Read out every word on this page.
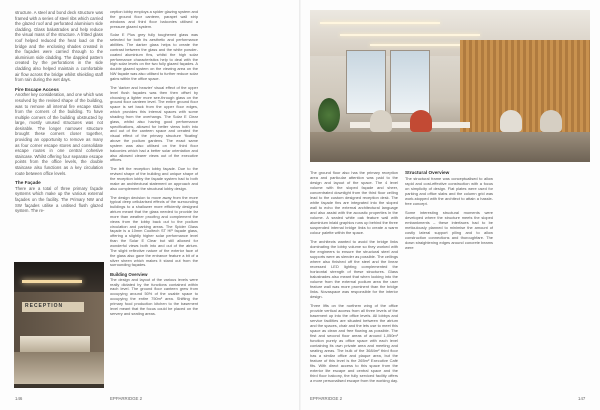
structure. A steel and bond deck structure was framed with a series of steel ribs which carried the glazed roof and perforated aluminium side cladding. Glass balustrades and help reduce the visual mass of the structure. A fritted glass roof helped reduced the heat load on the bridge and the enclosing shades created in the façades were carried through to the aluminium side cladding. The dappled pattern created by the perforations in the side cladding also helped maintain a comfortable air flow across the bridge whilst shielding staff from rain during the wet days.

Fire Escape Access

Another key consideration, and one which was resolved by the revised shape of the building, was to remove all internal fire escape stairs from the corners of the building. To have multiple corners of the building obstructed by large, mostly unused structures was not desirable. The longer narrower structure brought these corners closer together, providing an opportunity to remove as many as four corner escape stores and consolidate escape routes in one central cohesive staircase. Whilst offering four separate escape points from the office levels, the double staircase also functions as a key circulation route between office levels.

The Façade

There are a total of three primary façade systems which make up the various external façades on the facility. The Primary NW and SW façades utilise a unitised flush glazed system. The re-

ception lobby employs a spider glazing system and the ground floor canteen, parapet wall strip windows and third floor balconies utilised a pressure glazed system.

Solar E Plus grey fully toughened glass was selected for both its aesthetic and performance abilities. The darker glass helps to create the contrast between the glass and the white powder-coated aluminium fins, whilst the high solar performance characteristics help to deal with the high solar levels on the two fully glazed façades. A double glazed system on the viewing area on the NW façade was also utilised to further reduce solar gains within the office space.

The 'darker and heavier' visual effect of the upper level flush façades was then then offset by choosing a lighter more see-through glass on the ground floor canteen level. The entire ground floor space is set back from the upper floor edges, which provides this internal spaces with some shading from the overhangs. The Solar E Clear glass, whilst also having good performance specifications, allowed for better views both into and out of the canteen space and created the visual effect of the primary structure 'floating' above the podium gardens. The exact same system was also utilised on the third floor balconies which had a better solar orientation and also allowed clearer views out of the executive offices.

The left the reception lobby façade. Due to the revised shape of the building and unique shape of the reception lobby the façade system had to both make an architectural statement on approach and also complement the structural lobby design.

The design decision to move away from the more typical deep cellularised effects of the surrounding buildings to a shallower more efficiently designed atrium meant that the glass needed to provide far more than weather proofing and complement the views from the lobby back out to the podium circulation and parking areas. The Spider Glass façade is a 10mm Cooltech ST HP façade glass, offering a slightly higher solar performance level than the Solar E Clear but still allowed for wonderful views both into and out of the atrium. The slight reflective nature of the exterior face of the glass also gave the entrance feature a bit of a silver sheen which makes it stand out from the surrounding façades.

Building Overview

The design and layout of the various levels were really dictated by the functions contained within each level. The ground floor canteen grew from occupying around 50% of the usable space to occupying the entire 750m² area. Shifting the primary food production kitchen to the basement level meant that the focus could be placed on the servery and seating areas.

RECEPTION
146	EPPARRIDGE 2

The ground floor also has the primary reception area and particular attention was paid to the design and layout of the space. The 4 level volume with the sloped façade and sheer, concentrated downlight from the third floor ceiling lead to the custom designed reception desk. The white façade fins are integrated into the sloped wall to echo the external architectural language and also assist with the acoustic properties in the volume. A sealed white oak feature wall with aluminium inlaid graphics runs up behind the three suspended internal bridge links to create a warm colour palette within the space.

The architects wanted to avoid the bridge links dominating the lobby volume so they worked with the engineers to ensure the structural steel and supports were as slender as possible. The ceilings where also finished off the steel and the linear recessed LED lighting complemented the horizontal strength of these structures. Glass balustrades also meant that when looking into the volume from the external podium area the user feature wall was more prominent than the bridge links. Novaspace was responsible for the interior design.

Three lifts on the northern wing of the office provide vertical access from all three levels of the basement up into the office levels. All lobbys and service facilities are situated between the atrium and the spaces, chair and the lets use to meet this space as clean and free flowing as possible. The first and second floor areas of around 1,050m² function purely as office space with each level containing its own private area and meeting and seating areas. The bulk of the 3684m² third floor has a similar office and plaque area, but the feature of this level is the 265m² Executive Café fits. With direct access to this space from the exterior lite escape and central space and the third floor balcony, the fully serviced facility offers a more personalised escape from the working day.

Structural Overview

The structural frame was conceptualised to allow rapid and cost-effective construction with a focus on simplicity of design. Flat plates were used for parking and office slabs and the column grid was work-stopped with the architect to attain a hassle-free concept.

Some interesting structural moments were developed where the structure meets the sloped embankments – these interfaces had to be meticulously planned to minimise the amount of costly lateral support piling and to allow construction connections and thoroughfare. The down straightening edges around concrete beams were

EPPARRIDGE 2	147
